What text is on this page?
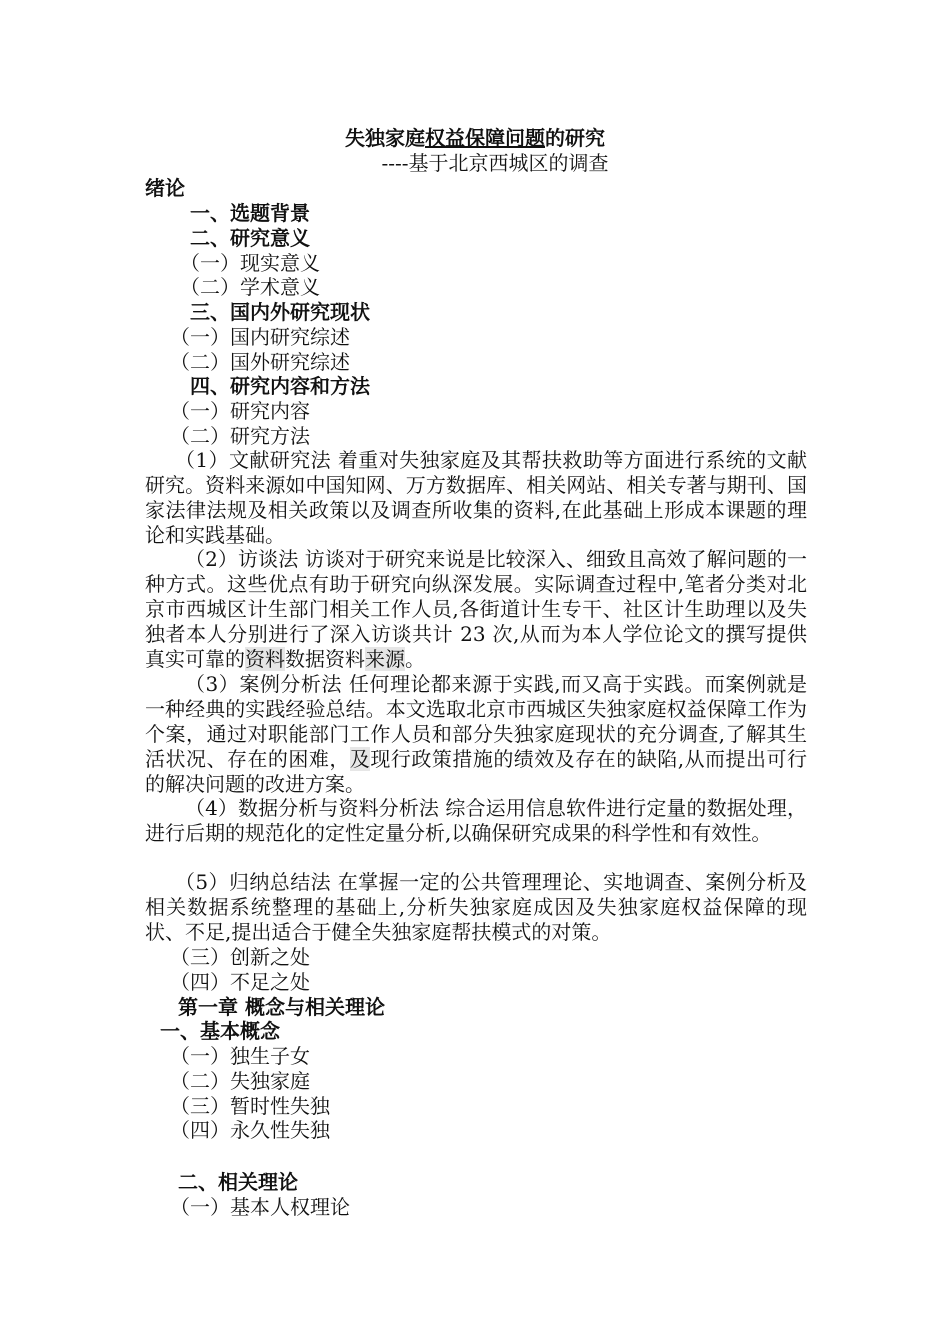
失独家庭权益保障问题的研究
----基于北京西城区的调查
绪论
一、选题背景
二、研究意义
（一）现实意义
（二）学术意义
三、国内外研究现状
（一）国内研究综述
（二）国外研究综述
四、研究内容和方法
（一）研究内容
（二）研究方法
（1）文献研究法 着重对失独家庭及其帮扶救助等方面进行系统的文献研究。资料来源如中国知网、万方数据库、相关网站、相关专著与期刊、国家法律法规及相关政策以及调查所收集的资料,在此基础上形成本课题的理论和实践基础。
（2）访谈法 访谈对于研究来说是比较深入、细致且高效了解问题的一种方式。这些优点有助于研究向纵深发展。实际调查过程中,笔者分类对北京市西城区计生部门相关工作人员,各街道计生专干、社区计生助理以及失独者本人分别进行了深入访谈共计 23 次,从而为本人学位论文的撰写提供真实可靠的资料数据资料来源。
（3）案例分析法 任何理论都来源于实践,而又高于实践。而案例就是一种经典的实践经验总结。本文选取北京市西城区失独家庭权益保障工作为个案，通过对职能部门工作人员和部分失独家庭现状的充分调查,了解其生活状况、存在的困难，及现行政策措施的绩效及存在的缺陷,从而提出可行的解决问题的改进方案。
（4）数据分析与资料分析法 综合运用信息软件进行定量的数据处理，进行后期的规范化的定性定量分析,以确保研究成果的科学性和有效性。
（5）归纳总结法 在掌握一定的公共管理理论、实地调查、案例分析及相关数据系统整理的基础上,分析失独家庭成因及失独家庭权益保障的现状、不足,提出适合于健全失独家庭帮扶模式的对策。
（三）创新之处
（四）不足之处
第一章 概念与相关理论
一、基本概念
（一）独生子女
（二）失独家庭
（三）暂时性失独
（四）永久性失独
二、相关理论
（一）基本人权理论
